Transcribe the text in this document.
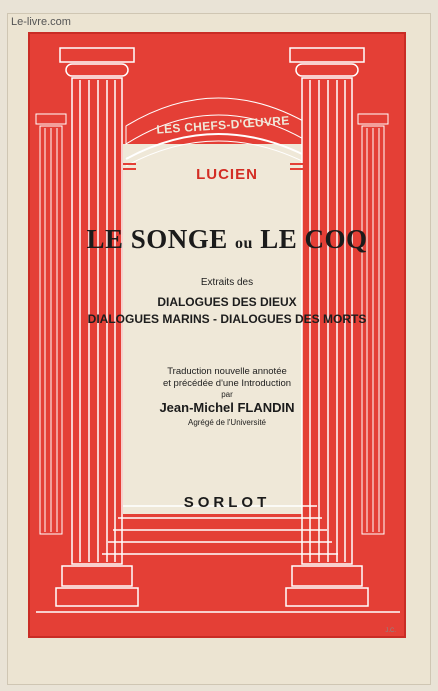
Le-livre.com
LES CHEFS-D'ŒUVRE
LUCIEN
LE SONGE ou LE COQ
Extraits des
DIALOGUES DES DIEUX
DIALOGUES MARINS - DIALOGUES DES MORTS
Traduction nouvelle annotée
et précédée d'une Introduction
par
Jean-Michel FLANDIN
Agrégé de l'Université
SORLOT
J.C.
